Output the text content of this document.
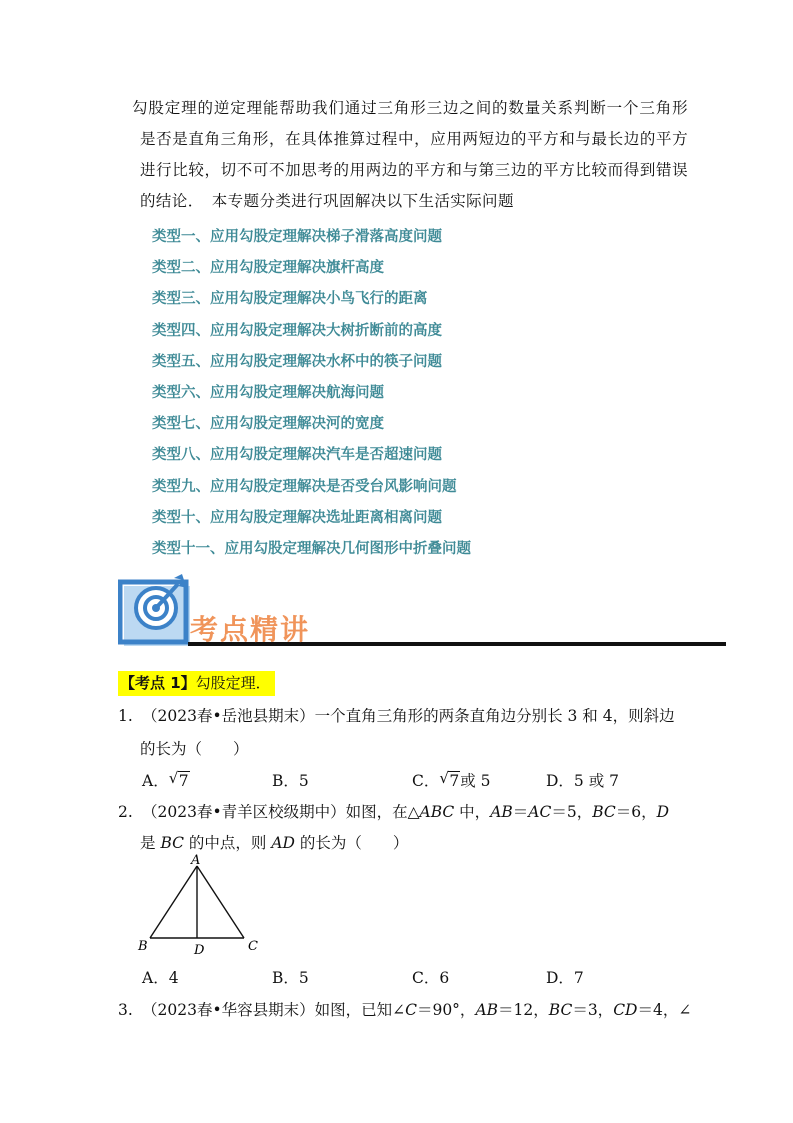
勾股定理的逆定理能帮助我们通过三角形三边之间的数量关系判断一个三角形是否是直角三角形，在具体推算过程中，应用两短边的平方和与最长边的平方进行比较，切不可不加思考的用两边的平方和与第三边的平方比较而得到错误的结论．　本专题分类进行巩固解决以下生活实际问题

类型一、应用勾股定理解决梯子滑落高度问题
类型二、应用勾股定理解决旗杆高度
类型三、应用勾股定理解决小鸟飞行的距离
类型四、应用勾股定理解决大树折断前的高度
类型五、应用勾股定理解决水杯中的筷子问题
类型六、应用勾股定理解决航海问题
类型七、应用勾股定理解决河的宽度
类型八、应用勾股定理解决汽车是否超速问题
类型九、应用勾股定理解决是否受台风影响问题
类型十、应用勾股定理解决选址距离相离问题
类型十一、应用勾股定理解决几何图形中折叠问题
考点精讲
【考点 1】勾股定理．
1. （2023春•岳池县期末）一个直角三角形的两条直角边分别长 3 和 4，则斜边
的长为（　　）
A． √ 7	B．5	C． √ 7或 5	D．5 或 7
2. （2023春•青羊区校级期中）如图，在△ABC 中，AB＝AC＝5，BC＝6，D
是 BC 的中点，则 AD 的长为（　　）
A
B	C
D
A．4	B．5	C．6	D．7
3. （2023春•华容县期末）如图，已知∠C＝90°，AB＝12，BC＝3，CD＝4，∠
